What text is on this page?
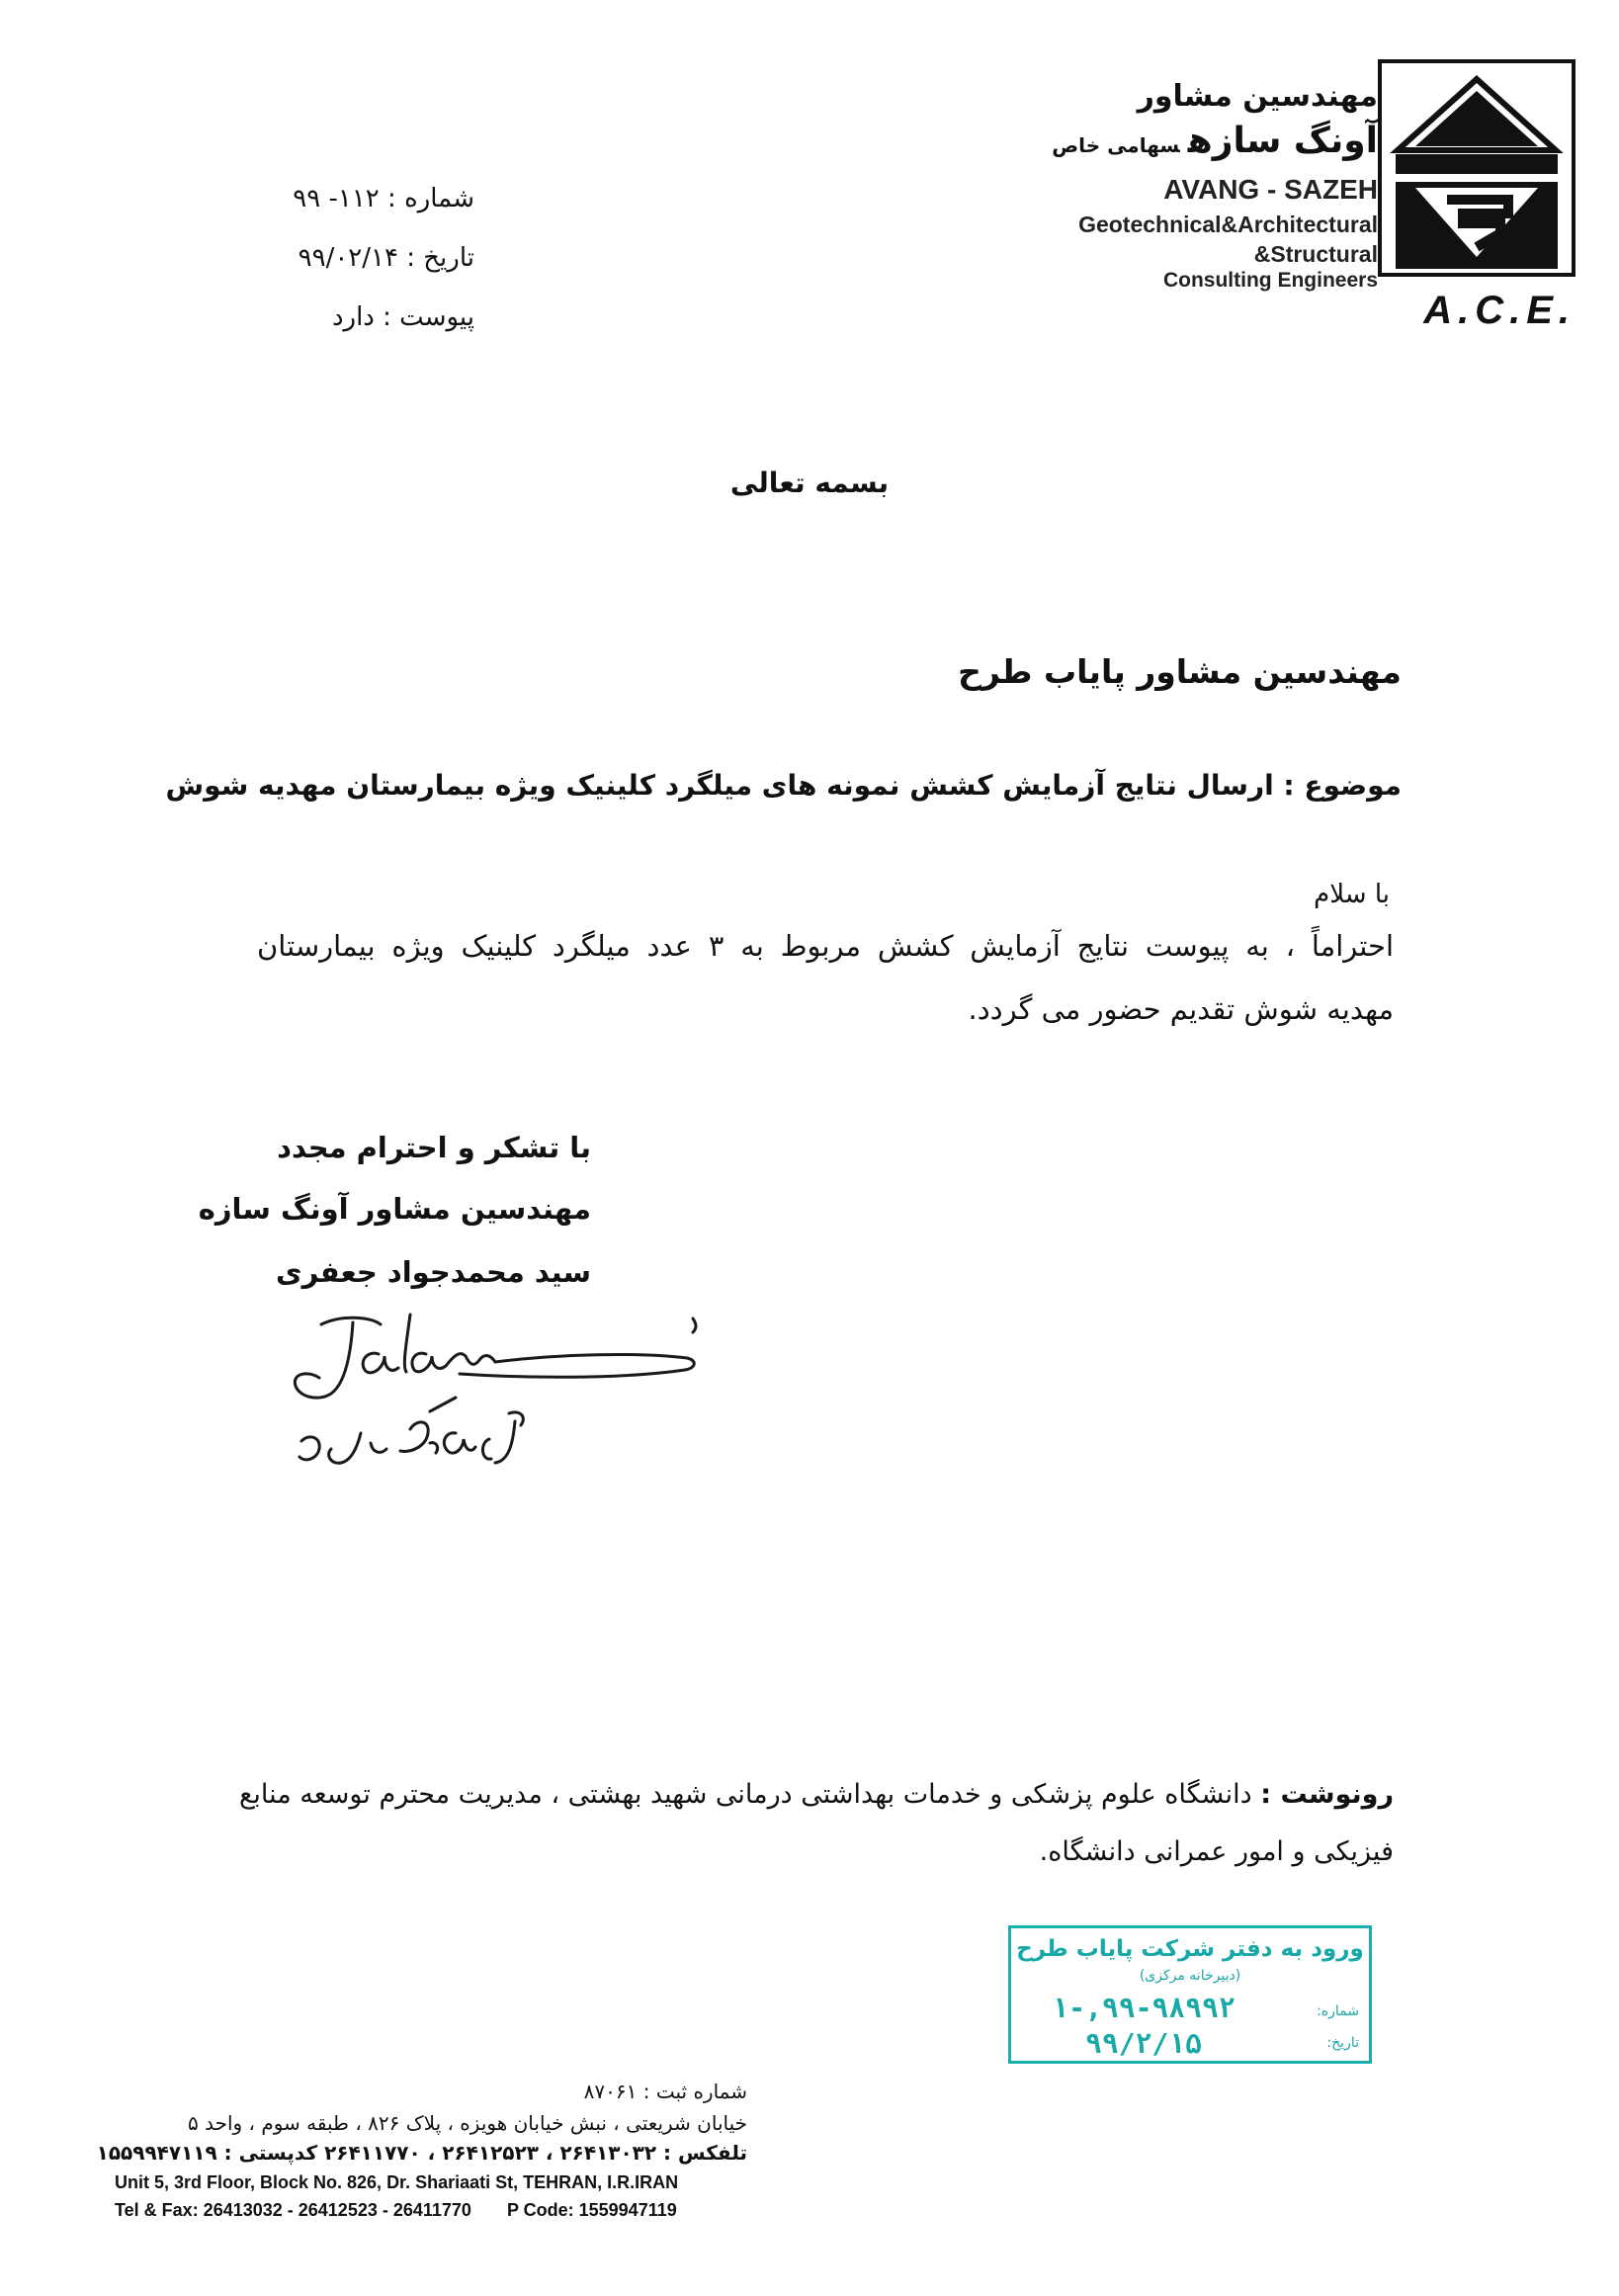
مهندسین مشاور
آونگ سازهسهامی خاص
AVANG - SAZEH
Geotechnical&Architectural
&Structural
Consulting Engineers
A.C.E.
شماره : ۱۱۲- ۹۹
تاریخ : ۹۹/۰۲/۱۴
پیوست : دارد
بسمه تعالی
مهندسین مشاور پایاب طرح
موضوع : ارسال نتایج آزمایش کشش نمونه های میلگرد کلینیک ویژه بیمارستان مهدیه شوش
با سلام
احتراماً ، به پیوست نتایج آزمایش کشش مربوط به ۳ عدد میلگرد کلینیک ویژه بیمارستان
مهدیه شوش تقدیم حضور می گردد.
با تشکر و احترام مجدد
مهندسین مشاور آونگ سازه
سید محمدجواد جعفری
رونوشت : دانشگاه علوم پزشکی و خدمات بهداشتی درمانی شهید بهشتی ، مدیریت محترم توسعه منابع
فیزیکی و امور عمرانی دانشگاه.
ورود به دفتر شرکت پایاب طرح
(دبیرخانه مرکزی)
شماره:
تاریخ:
۱-,۹۹-۹۸۹۹۲
۹۹/۲/۱۵
شماره ثبت : ۸۷۰۶۱
خیابان شریعتی ، نبش خیابان هویزه ، پلاک ۸۲۶ ، طبقه سوم ، واحد ۵
تلفکس : ۲۶۴۱۳۰۳۲ ، ۲۶۴۱۲۵۲۳ ، ۲۶۴۱۱۷۷۰ کدپستی : ۱۵۵۹۹۴۷۱۱۹
Unit 5, 3rd Floor, Block No. 826, Dr. Shariaati St, TEHRAN, I.R.IRAN
Tel & Fax: 26413032 - 26412523 - 26411770 P Code: 1559947119
